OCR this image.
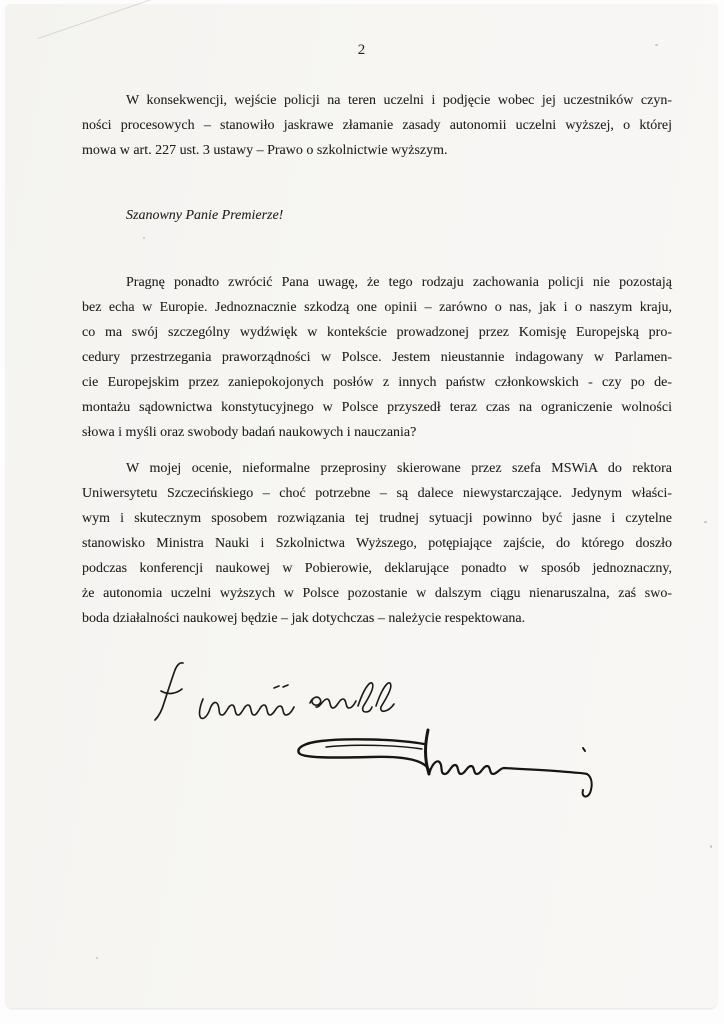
2
W konsekwencji, wejście policji na teren uczelni i podjęcie wobec jej uczestników czyn-
ności procesowych – stanowiło jaskrawe złamanie zasady autonomii uczelni wyższej, o której
mowa w art. 227 ust. 3 ustawy – Prawo o szkolnictwie wyższym.
Szanowny Panie Premierze!
Pragnę ponadto zwrócić Pana uwagę, że tego rodzaju zachowania policji nie pozostają
bez echa w Europie. Jednoznacznie szkodzą one opinii – zarówno o nas, jak i o naszym kraju,
co ma swój szczególny wydźwięk w kontekście prowadzonej przez Komisję Europejską pro-
cedury przestrzegania praworządności w Polsce. Jestem nieustannie indagowany w Parlamen-
cie Europejskim przez zaniepokojonych posłów z innych państw członkowskich - czy po de-
montażu sądownictwa konstytucyjnego w Polsce przyszedł teraz czas na ograniczenie wolności
słowa i myśli oraz swobody badań naukowych i nauczania?
W mojej ocenie, nieformalne przeprosiny skierowane przez szefa MSWiA do rektora
Uniwersytetu Szczecińskiego – choć potrzebne – są dalece niewystarczające. Jedynym właści-
wym i skutecznym sposobem rozwiązania tej trudnej sytuacji powinno być jasne i czytelne
stanowisko Ministra Nauki i Szkolnictwa Wyższego, potępiające zajście, do którego doszło
podczas konferencji naukowej w Pobierowie, deklarujące ponadto w sposób jednoznaczny,
że autonomia uczelni wyższych w Polsce pozostanie w dalszym ciągu nienaruszalna, zaś swo-
boda działalności naukowej będzie – jak dotychczas – należycie respektowana.
